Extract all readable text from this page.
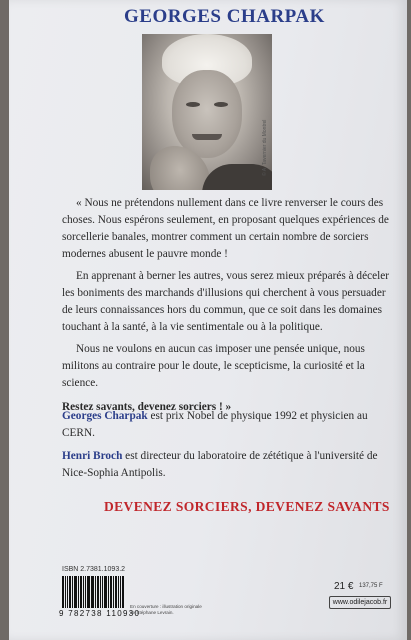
GEORGES CHARPAK
© A. Tavernier du Montrel

« Nous ne prétendons nullement dans ce livre renverser le cours des choses. Nous espérons seulement, en proposant quelques expériences de sorcellerie banales, montrer comment un certain nombre de sorciers modernes abusent le pauvre monde !

En apprenant à berner les autres, vous serez mieux préparés à déceler les boniments des marchands d'illusions qui cherchent à vous persuader de leurs connaissances hors du commun, que ce soit dans les domaines touchant à la santé, à la vie sentimentale ou à la politique.

Nous ne voulons en aucun cas imposer une pensée unique, nous militons au contraire pour le doute, le scepticisme, la curiosité et la science.

Restez savants, devenez sorciers ! »

Georges Charpak est prix Nobel de physique 1992 et physicien au CERN.

Henri Broch est directeur du laboratoire de zététique à l'université de Nice-Sophia Antipolis.

DEVENEZ SORCIERS, DEVENEZ SAVANTS
ISBN 2.7381.1093.2
9 782738 110930
En couverture : illustration originale de Stéphane Levrain.
21 € 137,75 F
www.odilejacob.fr
